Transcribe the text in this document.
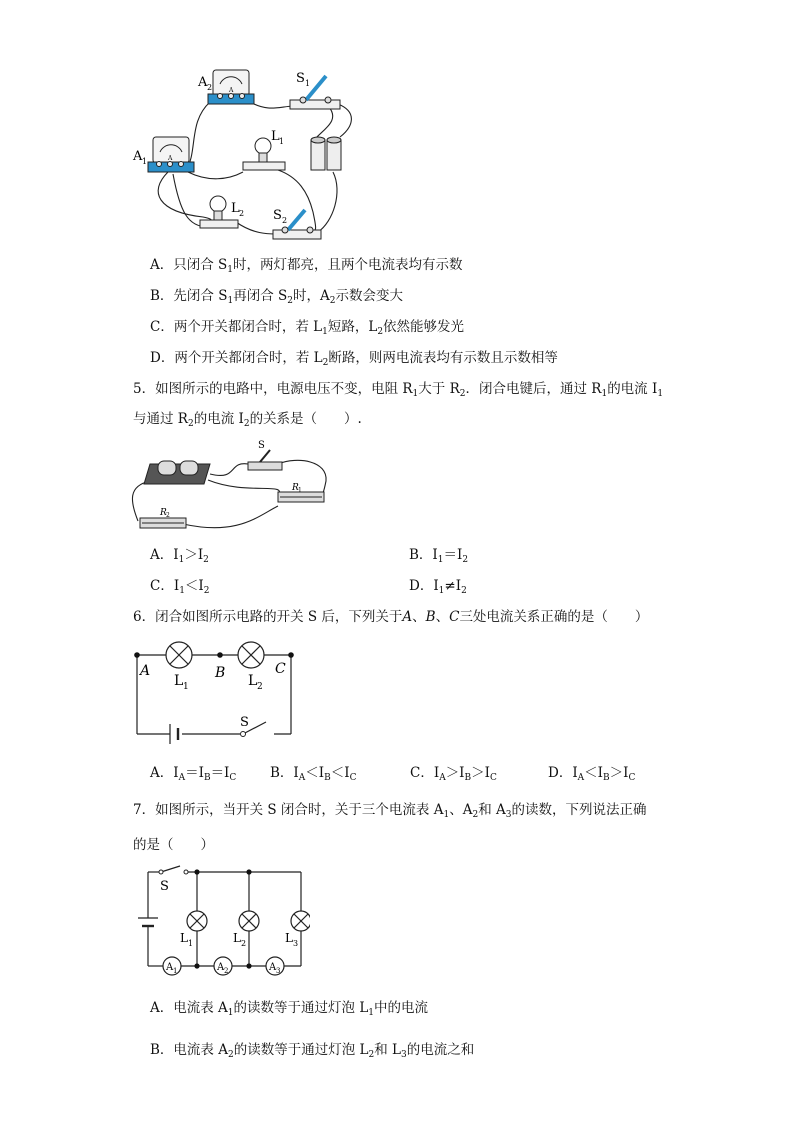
A
A 2
A
A 1
S 1
L 1
L 2 S 2
A．只闭合 $S_1$时，两灯都亮，且两个电流表均有示数
B．先闭合 $S_1$再闭合 $S_2$时，$A_2$示数会变大
C．两个开关都闭合时，若 $L_1$短路，$L_2$依然能够发光
D．两个开关都闭合时，若 $L_2$断路，则两电流表均有示数且示数相等
5．如图所示的电路中，电源电压不变，电阻 $R_1$大于 $R_2$．闭合电键后，通过 $R_1$的电流 $I_1$
与通过 $R_2$的电流 $I_2$的关系是（　　）.
S
R 1
R 2
A．$I_1>I_2$	B．$I_1=I_2$
C．$I_1<I_2$	D．$I_1\ne I_2$
6．闭合如图所示电路的开关 S 后，下列关于A、B、C三处电流关系正确的是（　　）
A	B	C
L 1	L 2
S
A．$I_A=I_B=I_C$ B．$I_A<I_B<I_C$	C．$I_A>I_B>I_C$	D．$I_A<I_B>I_C$
7．如图所示，当开关 S 闭合时，关于三个电流表 $A_1$、$A_2$和 $A_3$的读数，下列说法正确
的是（　　）
S
L 1	L 2	L 3
A 1	A 2	A 3
A．电流表 $A_1$的读数等于通过灯泡 $L_1$中的电流
B．电流表 $A_2$的读数等于通过灯泡 $L_2$和 $L_3$的电流之和
